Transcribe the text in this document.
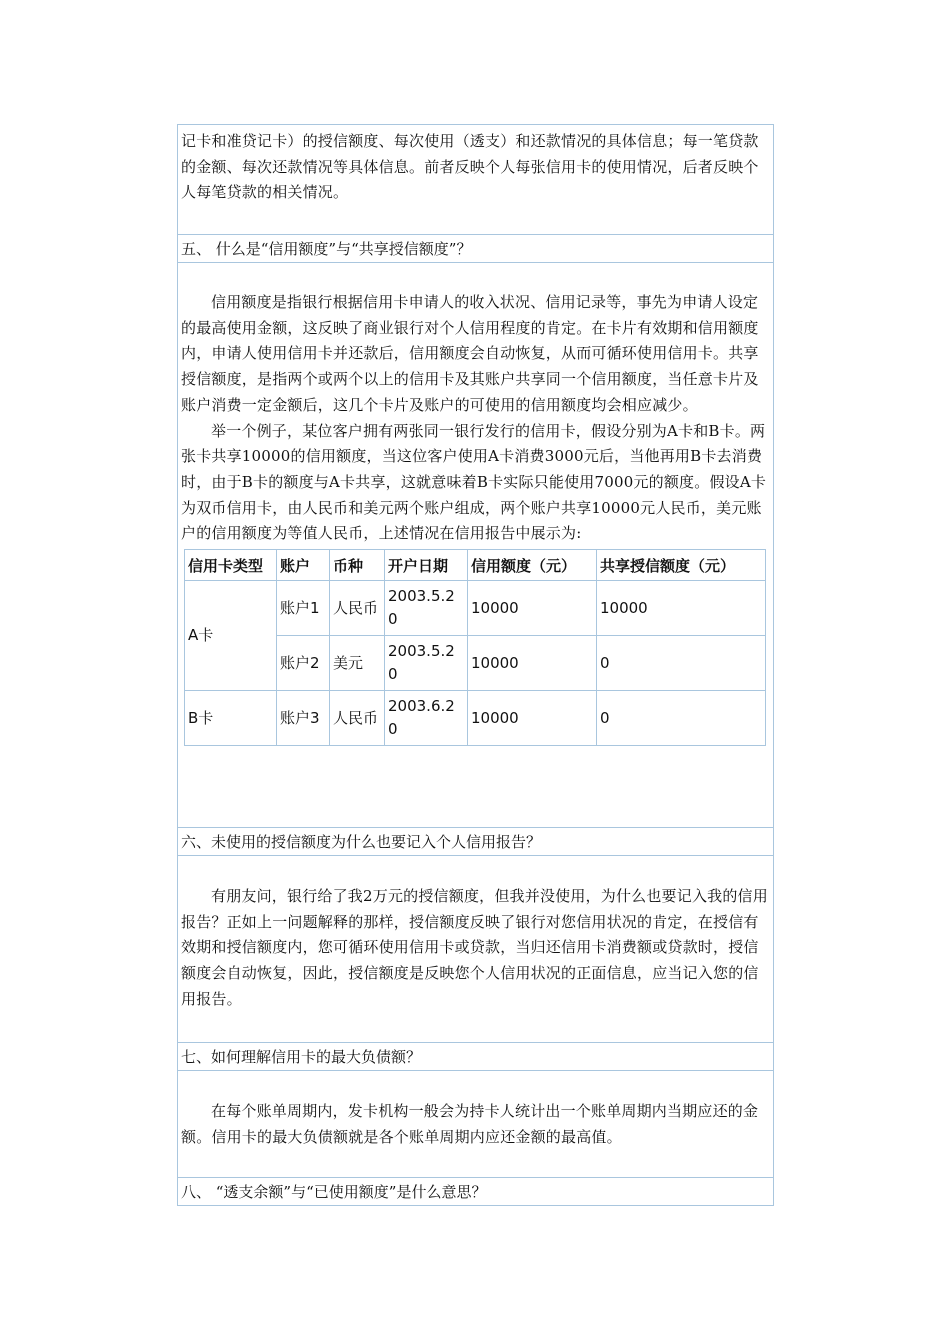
记卡和准贷记卡）的授信额度、每次使用（透支）和还款情况的具体信息；每一笔贷款的金额、每次还款情况等具体信息。前者反映个人每张信用卡的使用情况，后者反映个人每笔贷款的相关情况。
五、 什么是“信用额度”与“共享授信额度”？
信用额度是指银行根据信用卡申请人的收入状况、信用记录等，事先为申请人设定的最高使用金额，这反映了商业银行对个人信用程度的肯定。在卡片有效期和信用额度内，申请人使用信用卡并还款后，信用额度会自动恢复，从而可循环使用信用卡。共享授信额度，是指两个或两个以上的信用卡及其账户共享同一个信用额度，当任意卡片及账户消费一定金额后，这几个卡片及账户的可使用的信用额度均会相应减少。
举一个例子，某位客户拥有两张同一银行发行的信用卡，假设分别为A卡和B卡。两张卡共享10000的信用额度，当这位客户使用A卡消费3000元后，当他再用B卡去消费时，由于B卡的额度与A卡共享，这就意味着B卡实际只能使用7000元的额度。假设A卡为双币信用卡，由人民币和美元两个账户组成，两个账户共享10000元人民币，美元账户的信用额度为等值人民币，上述情况在信用报告中展示为:
信用卡类型	账户	币种	开户日期	信用额度（元）	共享授信额度（元）
A卡	账户1	人民币	2003.5.20	10000	10000
	账户2	美元	2003.5.20	10000	0
B卡	账户3	人民币	2003.6.20	10000	0
六、未使用的授信额度为什么也要记入个人信用报告？
有朋友问，银行给了我2万元的授信额度，但我并没使用，为什么也要记入我的信用报告？正如上一问题解释的那样，授信额度反映了银行对您信用状况的肯定，在授信有效期和授信额度内，您可循环使用信用卡或贷款，当归还信用卡消费额或贷款时，授信额度会自动恢复，因此，授信额度是反映您个人信用状况的正面信息，应当记入您的信用报告。
七、如何理解信用卡的最大负债额？
在每个账单周期内，发卡机构一般会为持卡人统计出一个账单周期内当期应还的金额。信用卡的最大负债额就是各个账单周期内应还金额的最高值。
八、 “透支余额”与“已使用额度”是什么意思？
